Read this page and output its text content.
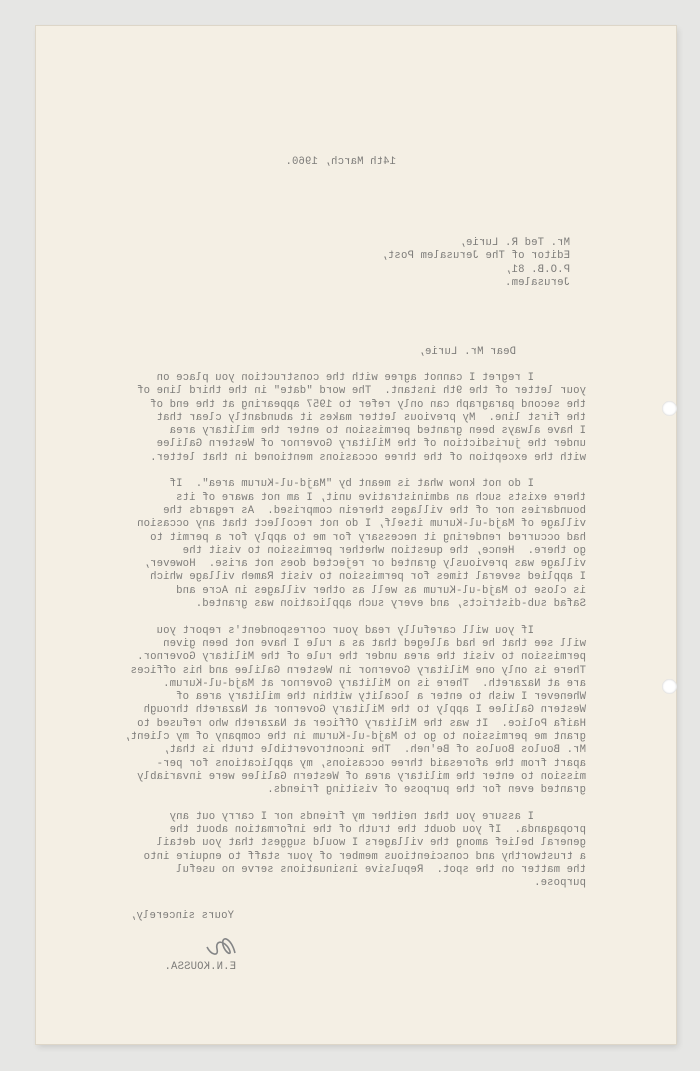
14th March, 1960.
Mr. Ted R. Lurie,
Editor of The Jerusalem Post,
P.O.B. 81,
Jerusalem.
Dear Mr. Lurie,
I regret I cannot agree with the construction you place on
your letter of the 9th instant.  The word "date" in the third line of
the second paragraph can only refer to 1957 appearing at the end of
the first line.  My previous letter makes it abundantly clear that
I have always been granted permission to enter the military area
under the jurisdiction of the Military Governor of Western Galilee
with the exception of the three occasions mentioned in that letter.

I do not know what is meant by "Majd-ul-Kurum area".  If
there exists such an administrative unit, I am not aware of its
boundaries nor of the villages therein comprised.  As regards the
village of Majd-ul-Kurum itself, I do not recollect that any occasion
had occurred rendering it necessary for me to apply for a permit to
go there.  Hence, the question whether permission to visit the
village was previously granted or rejected does not arise.  However,
I applied several times for permission to visit Rameh village which
is close to Majd-ul-Kurum as well as other villages in Acre and
Safad sub-districts, and every such application was granted.

If you will carefully read your correspondent's report you
will see that he had alleged that as a rule I have not been given
permission to visit the area under the rule of the Military Governor.
There is only one Military Governor in Western Galilee and his offices
are at Nazareth.  There is no Military Governor at Majd-ul-Kurum.
Whenever I wish to enter a locality within the military area of
Western Galilee I apply to the Military Governor at Nazareth through
Haifa Police.  It was the Military Officer at Nazareth who refused to
grant me permission to go to Majd-ul-Kurum in the company of my client,
Mr. Boulos Boulos of Be'neh.  The incontrovertible truth is that,
apart from the aforesaid three occasions, my applications for per-
mission to enter the military area of Western Galilee were invariably
granted even for the purpose of visiting friends.

I assure you that neither my friends nor I carry out any
propaganda.  If you doubt the truth of the information about the
general belief among the villagers I would suggest that you detail
a trustworthy and conscientious member of your staff to enquire into
the matter on the spot.  Repulsive insinuations serve no useful
purpose.
Yours sincerely,
E.N.KOUSSA.
